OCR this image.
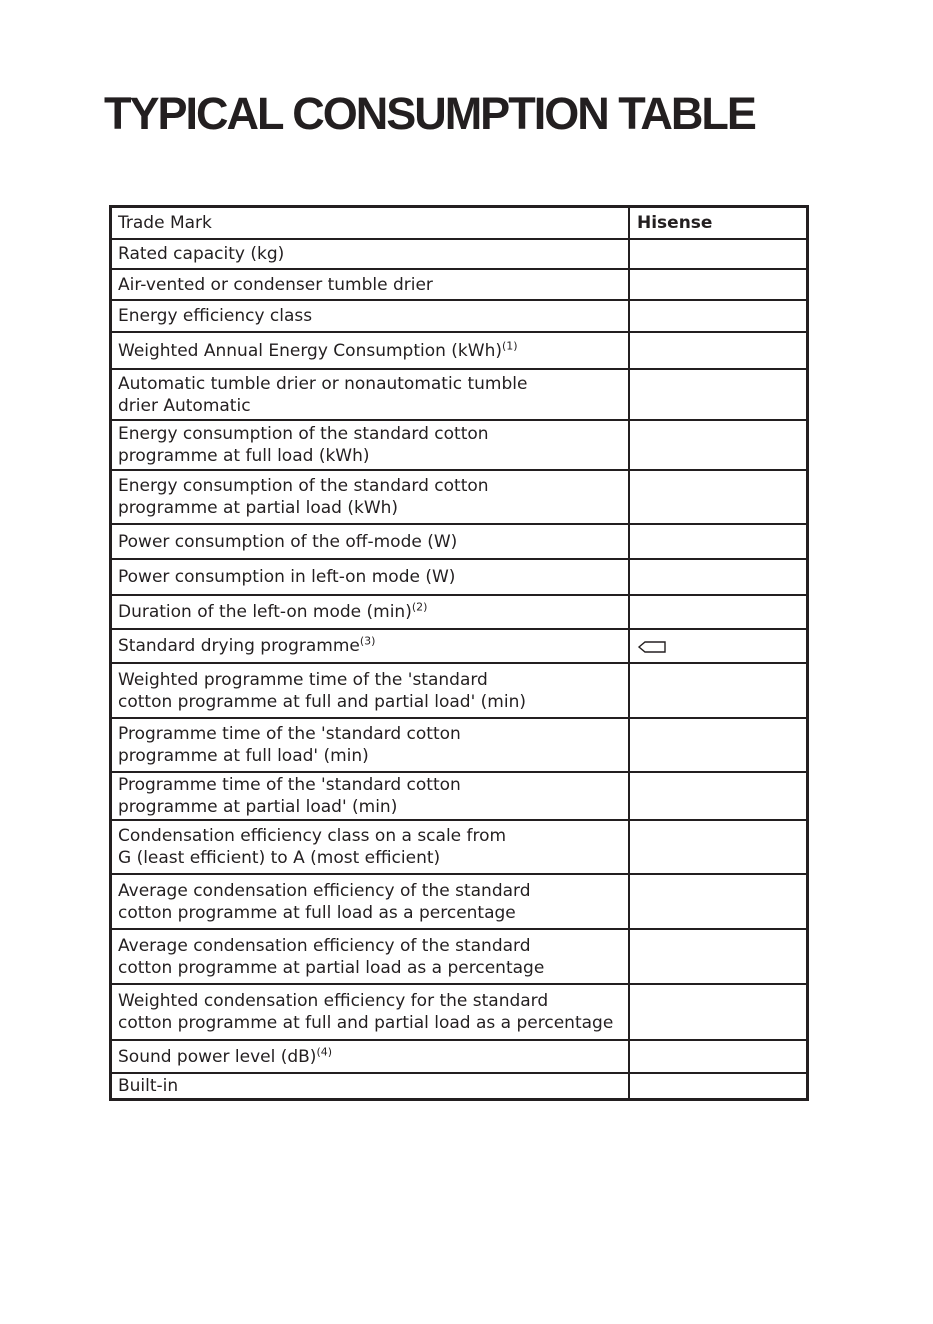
TYPICAL CONSUMPTION TABLE
Trade Mark	Hisense
Rated capacity (kg)
Air-vented or condenser tumble drier
Energy efficiency class
Weighted Annual Energy Consumption (kWh)$^{(1)}$
Automatic tumble drier or nonautomatic tumble
drier Automatic
Energy consumption of the standard cotton
programme at full load (kWh)
Energy consumption of the standard cotton
programme at partial load (kWh)
Power consumption of the off-mode (W)
Power consumption in left-on mode (W)
Duration of the left-on mode $(\min)^{(2)}$
Standard drying programme$^{(3)}$
Weighted programme time of the 'standard
cotton programme at full and partial load' (min)
Programme time of the 'standard cotton
programme at full load' (min)
Programme time of the 'standard cotton
programme at partial load' (min)
Condensation efficiency class on a scale from
G (least efficient) to A (most efficient)
Average condensation efficiency of the standard
cotton programme at full load as a percentage
Average condensation efficiency of the standard
cotton programme at partial load as a percentage
Weighted condensation efficiency for the standard
cotton programme at full and partial load as a percentage
Sound power level (dB)$^{(4)}$
Built-in
